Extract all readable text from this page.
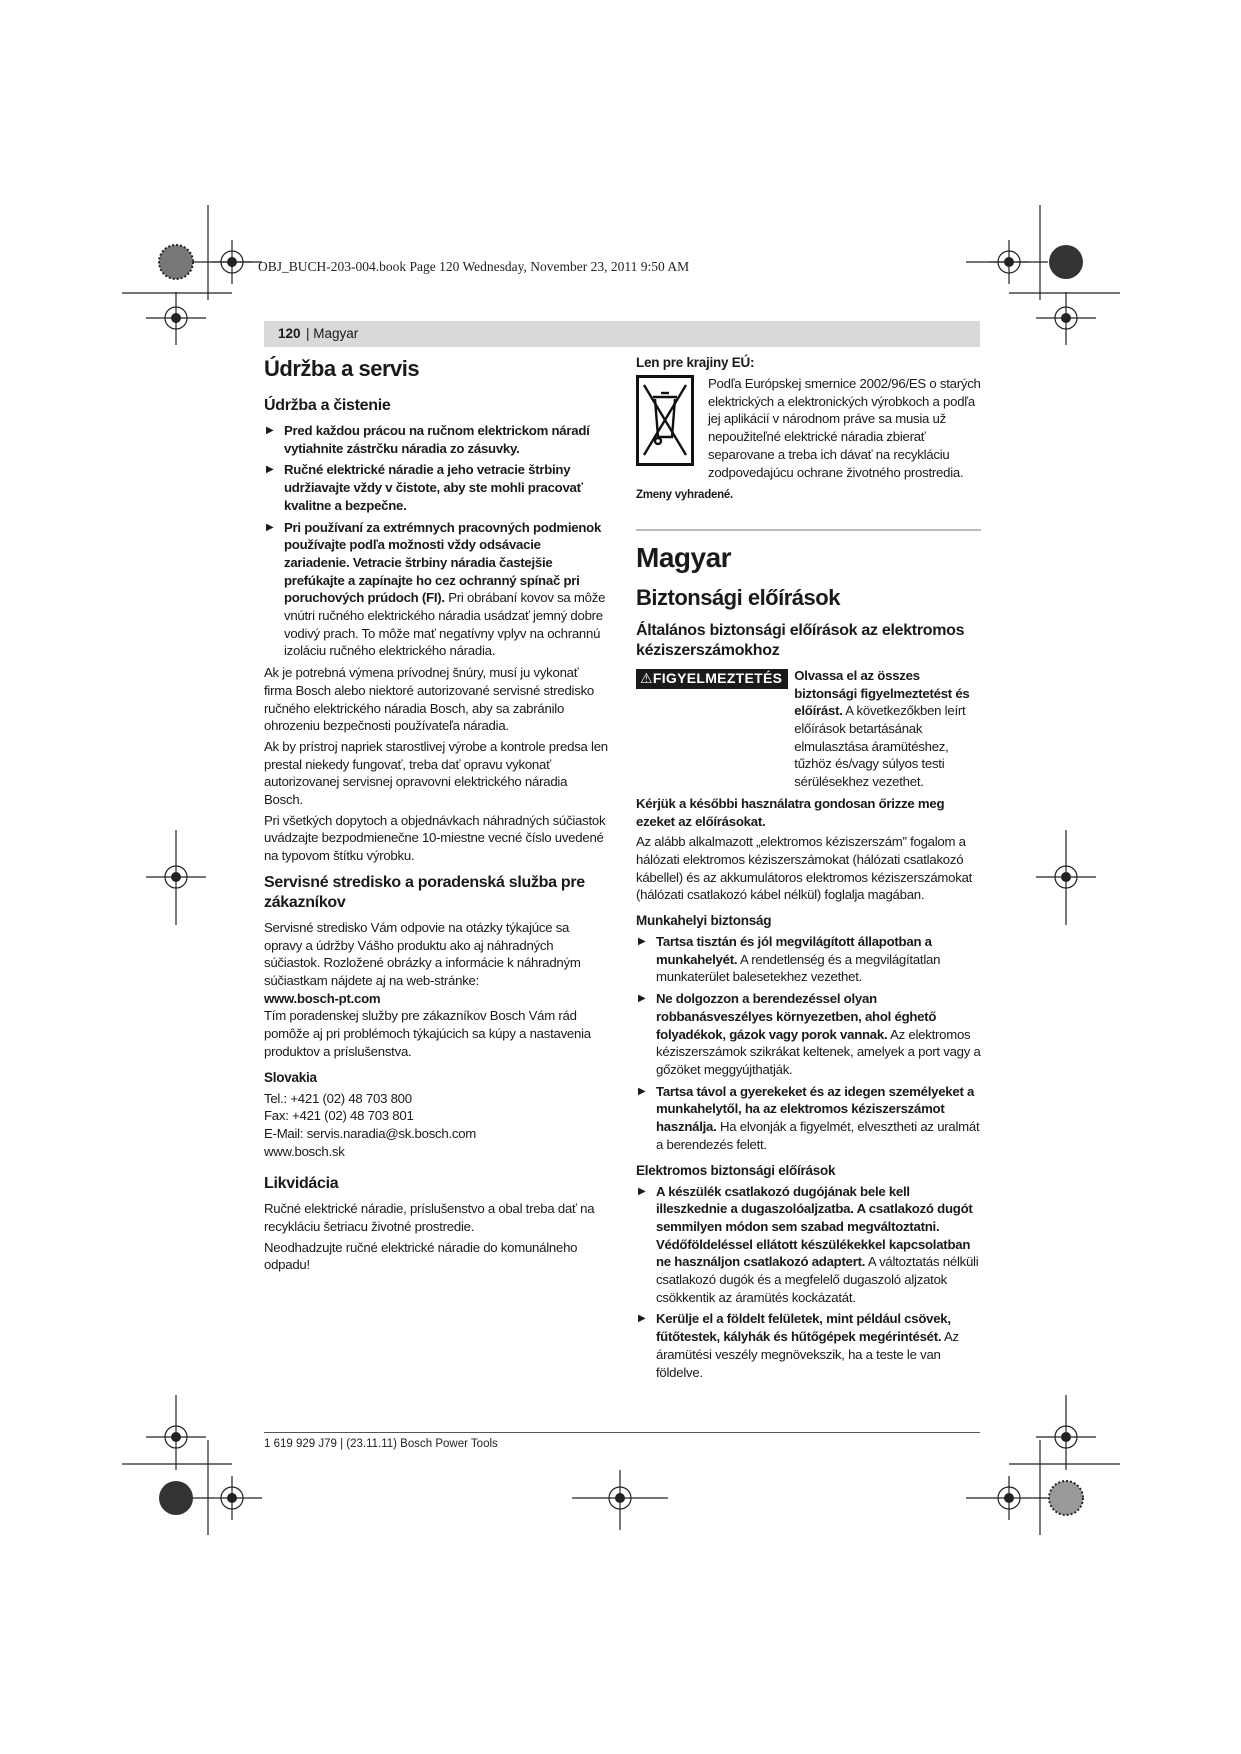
OBJ_BUCH-203-004.book Page 120 Wednesday, November 23, 2011 9:50 AM
120 | Magyar
Údržba a servis
Údržba a čistenie
▶ Pred každou prácou na ručnom elektrickom náradí vytiahnite zástrčku náradia zo zásuvky.
▶ Ručné elektrické náradie a jeho vetracie štrbiny udržiavajte vždy v čistote, aby ste mohli pracovať kvalitne a bezpečne.
▶ Pri používaní za extrémnych pracovných podmienok používajte podľa možnosti vždy odsávacie zariadenie. Vetracie štrbiny náradia častejšie prefúkajte a zapínajte ho cez ochranný spínač pri poruchových prúdoch (FI). Pri obrábaní kovov sa môže vnútri ručného elektrického náradia usádzať jemný dobre vodivý prach. To môže mať negatívny vplyv na ochrannú izoláciu ručného elektrického náradia.

Ak je potrebná výmena prívodnej šnúry, musí ju vykonať firma Bosch alebo niektoré autorizované servisné stredisko ručného elektrického náradia Bosch, aby sa zabránilo ohrozeniu bezpečnosti používateľa náradia.

Ak by prístroj napriek starostlivej výrobe a kontrole predsa len prestal niekedy fungovať, treba dať opravu vykonať autorizovanej servisnej opravovni elektrického náradia Bosch.

Pri všetkých dopytoch a objednávkach náhradných súčiastok uvádzajte bezpodmienečne 10-miestne vecné číslo uvedené na typovom štítku výrobku.

Servisné stredisko a poradenská služba pre zákazníkov

Servisné stredisko Vám odpovie na otázky týkajúce sa opravy a údržby Vášho produktu ako aj náhradných súčiastok. Rozložené obrázky a informácie k náhradným súčiastkam nájdete aj na web-stránke:

www.bosch-pt.com

Tím poradenskej služby pre zákazníkov Bosch Vám rád pomôže aj pri problémoch týkajúcich sa kúpy a nastavenia produktov a príslušenstva.

Slovakia
Tel.: +421 (02) 48 703 800
Fax: +421 (02) 48 703 801
E-Mail: servis.naradia@sk.bosch.com
www.bosch.sk
Likvidácia

Ručné elektrické náradie, príslušenstvo a obal treba dať na recykláciu šetriacu životné prostredie.

Neodhadzujte ručné elektrické náradie do komunálneho odpadu!

Len pre krajiny EÚ:
Podľa Európskej smernice 2002/96/ES o starých elektrických a elektronických výrobkoch a podľa jej aplikácií v národnom práve sa musia už nepoužiteľné elektrické náradia zbierať separovane a treba ich dávať na recykláciu zodpovedajúcu ochrane životného prostredia.
Zmeny vyhradené.
Magyar
Biztonsági előírások
Általános biztonsági előírások az elektromos kéziszerszámokhoz
⚠FIGYELMEZTETÉS Olvassa el az összes biztonsági figyelmeztetést és előírást. A következőkben leírt előírások betartásának elmulasztása áramütéshez, tűzhöz és/vagy súlyos testi sérülésekhez vezethet.

Kérjük a későbbi használatra gondosan őrizze meg ezeket az előírásokat.

Az alább alkalmazott „elektromos kéziszerszám” fogalom a hálózati elektromos kéziszerszámokat (hálózati csatlakozó kábellel) és az akkumulátoros elektromos kéziszerszámokat (hálózati csatlakozó kábel nélkül) foglalja magában.

Munkahelyi biztonság
▶ Tartsa tisztán és jól megvilágított állapotban a munkahelyét. A rendetlenség és a megvilágítatlan munkaterület balesetekhez vezethet.
▶ Ne dolgozzon a berendezéssel olyan robbanásveszélyes környezetben, ahol éghető folyadékok, gázok vagy porok vannak. Az elektromos kéziszerszámok szikrákat keltenek, amelyek a port vagy a gőzöket meggyújthatják.
▶ Tartsa távol a gyerekeket és az idegen személyeket a munkahelytől, ha az elektromos kéziszerszámot használja. Ha elvonják a figyelmét, elvesztheti az uralmát a berendezés felett.
Elektromos biztonsági előírások
▶ A készülék csatlakozó dugójának bele kell illeszkednie a dugaszolóaljzatba. A csatlakozó dugót semmilyen módon sem szabad megváltoztatni. Védőföldeléssel ellátott készülékekkel kapcsolatban ne használjon csatlakozó adaptert. A változtatás nélküli csatlakozó dugók és a megfelelő dugaszoló aljzatok csökkentik az áramütés kockázatát.
▶ Kerülje el a földelt felületek, mint például csövek, fűtőtestek, kályhák és hűtőgépek megérintését. Az áramütési veszély megnövekszik, ha a teste le van földelve.
1 619 929 J79 | (23.11.11) Bosch Power Tools
